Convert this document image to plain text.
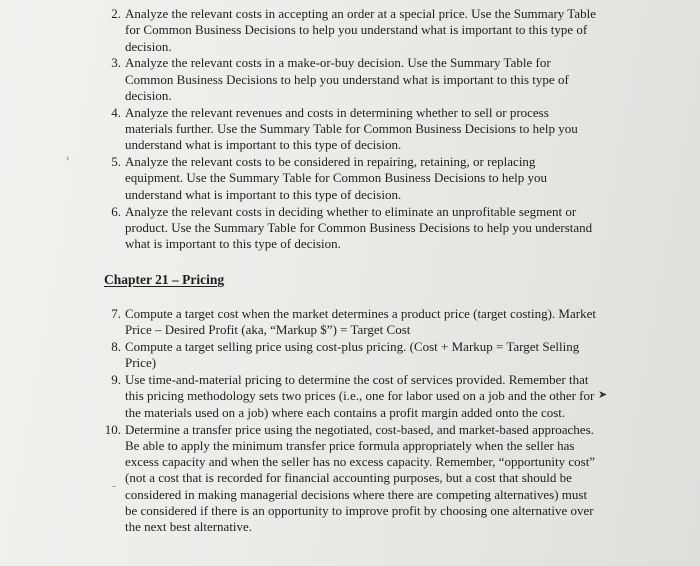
2. Analyze the relevant costs in accepting an order at a special price. Use the Summary Table for Common Business Decisions to help you understand what is important to this type of decision.
3. Analyze the relevant costs in a make-or-buy decision. Use the Summary Table for Common Business Decisions to help you understand what is important to this type of decision.
4. Analyze the relevant revenues and costs in determining whether to sell or process materials further. Use the Summary Table for Common Business Decisions to help you understand what is important to this type of decision.
5. Analyze the relevant costs to be considered in repairing, retaining, or replacing equipment. Use the Summary Table for Common Business Decisions to help you understand what is important to this type of decision.
6. Analyze the relevant costs in deciding whether to eliminate an unprofitable segment or product. Use the Summary Table for Common Business Decisions to help you understand what is important to this type of decision.
Chapter 21 – Pricing
7. Compute a target cost when the market determines a product price (target costing). Market Price – Desired Profit (aka, “Markup $”) = Target Cost
8. Compute a target selling price using cost-plus pricing. (Cost + Markup = Target Selling Price)
9. Use time-and-material pricing to determine the cost of services provided. Remember that this pricing methodology sets two prices (i.e., one for labor used on a job and the other for the materials used on a job) where each contains a profit margin added onto the cost.
10. Determine a transfer price using the negotiated, cost-based, and market-based approaches. Be able to apply the minimum transfer price formula appropriately when the seller has excess capacity and when the seller has no excess capacity. Remember, “opportunity cost” (not a cost that is recorded for financial accounting purposes, but a cost that should be considered in making managerial decisions where there are competing alternatives) must be considered if there is an opportunity to improve profit by choosing one alternative over the next best alternative.
‹
-
➤
